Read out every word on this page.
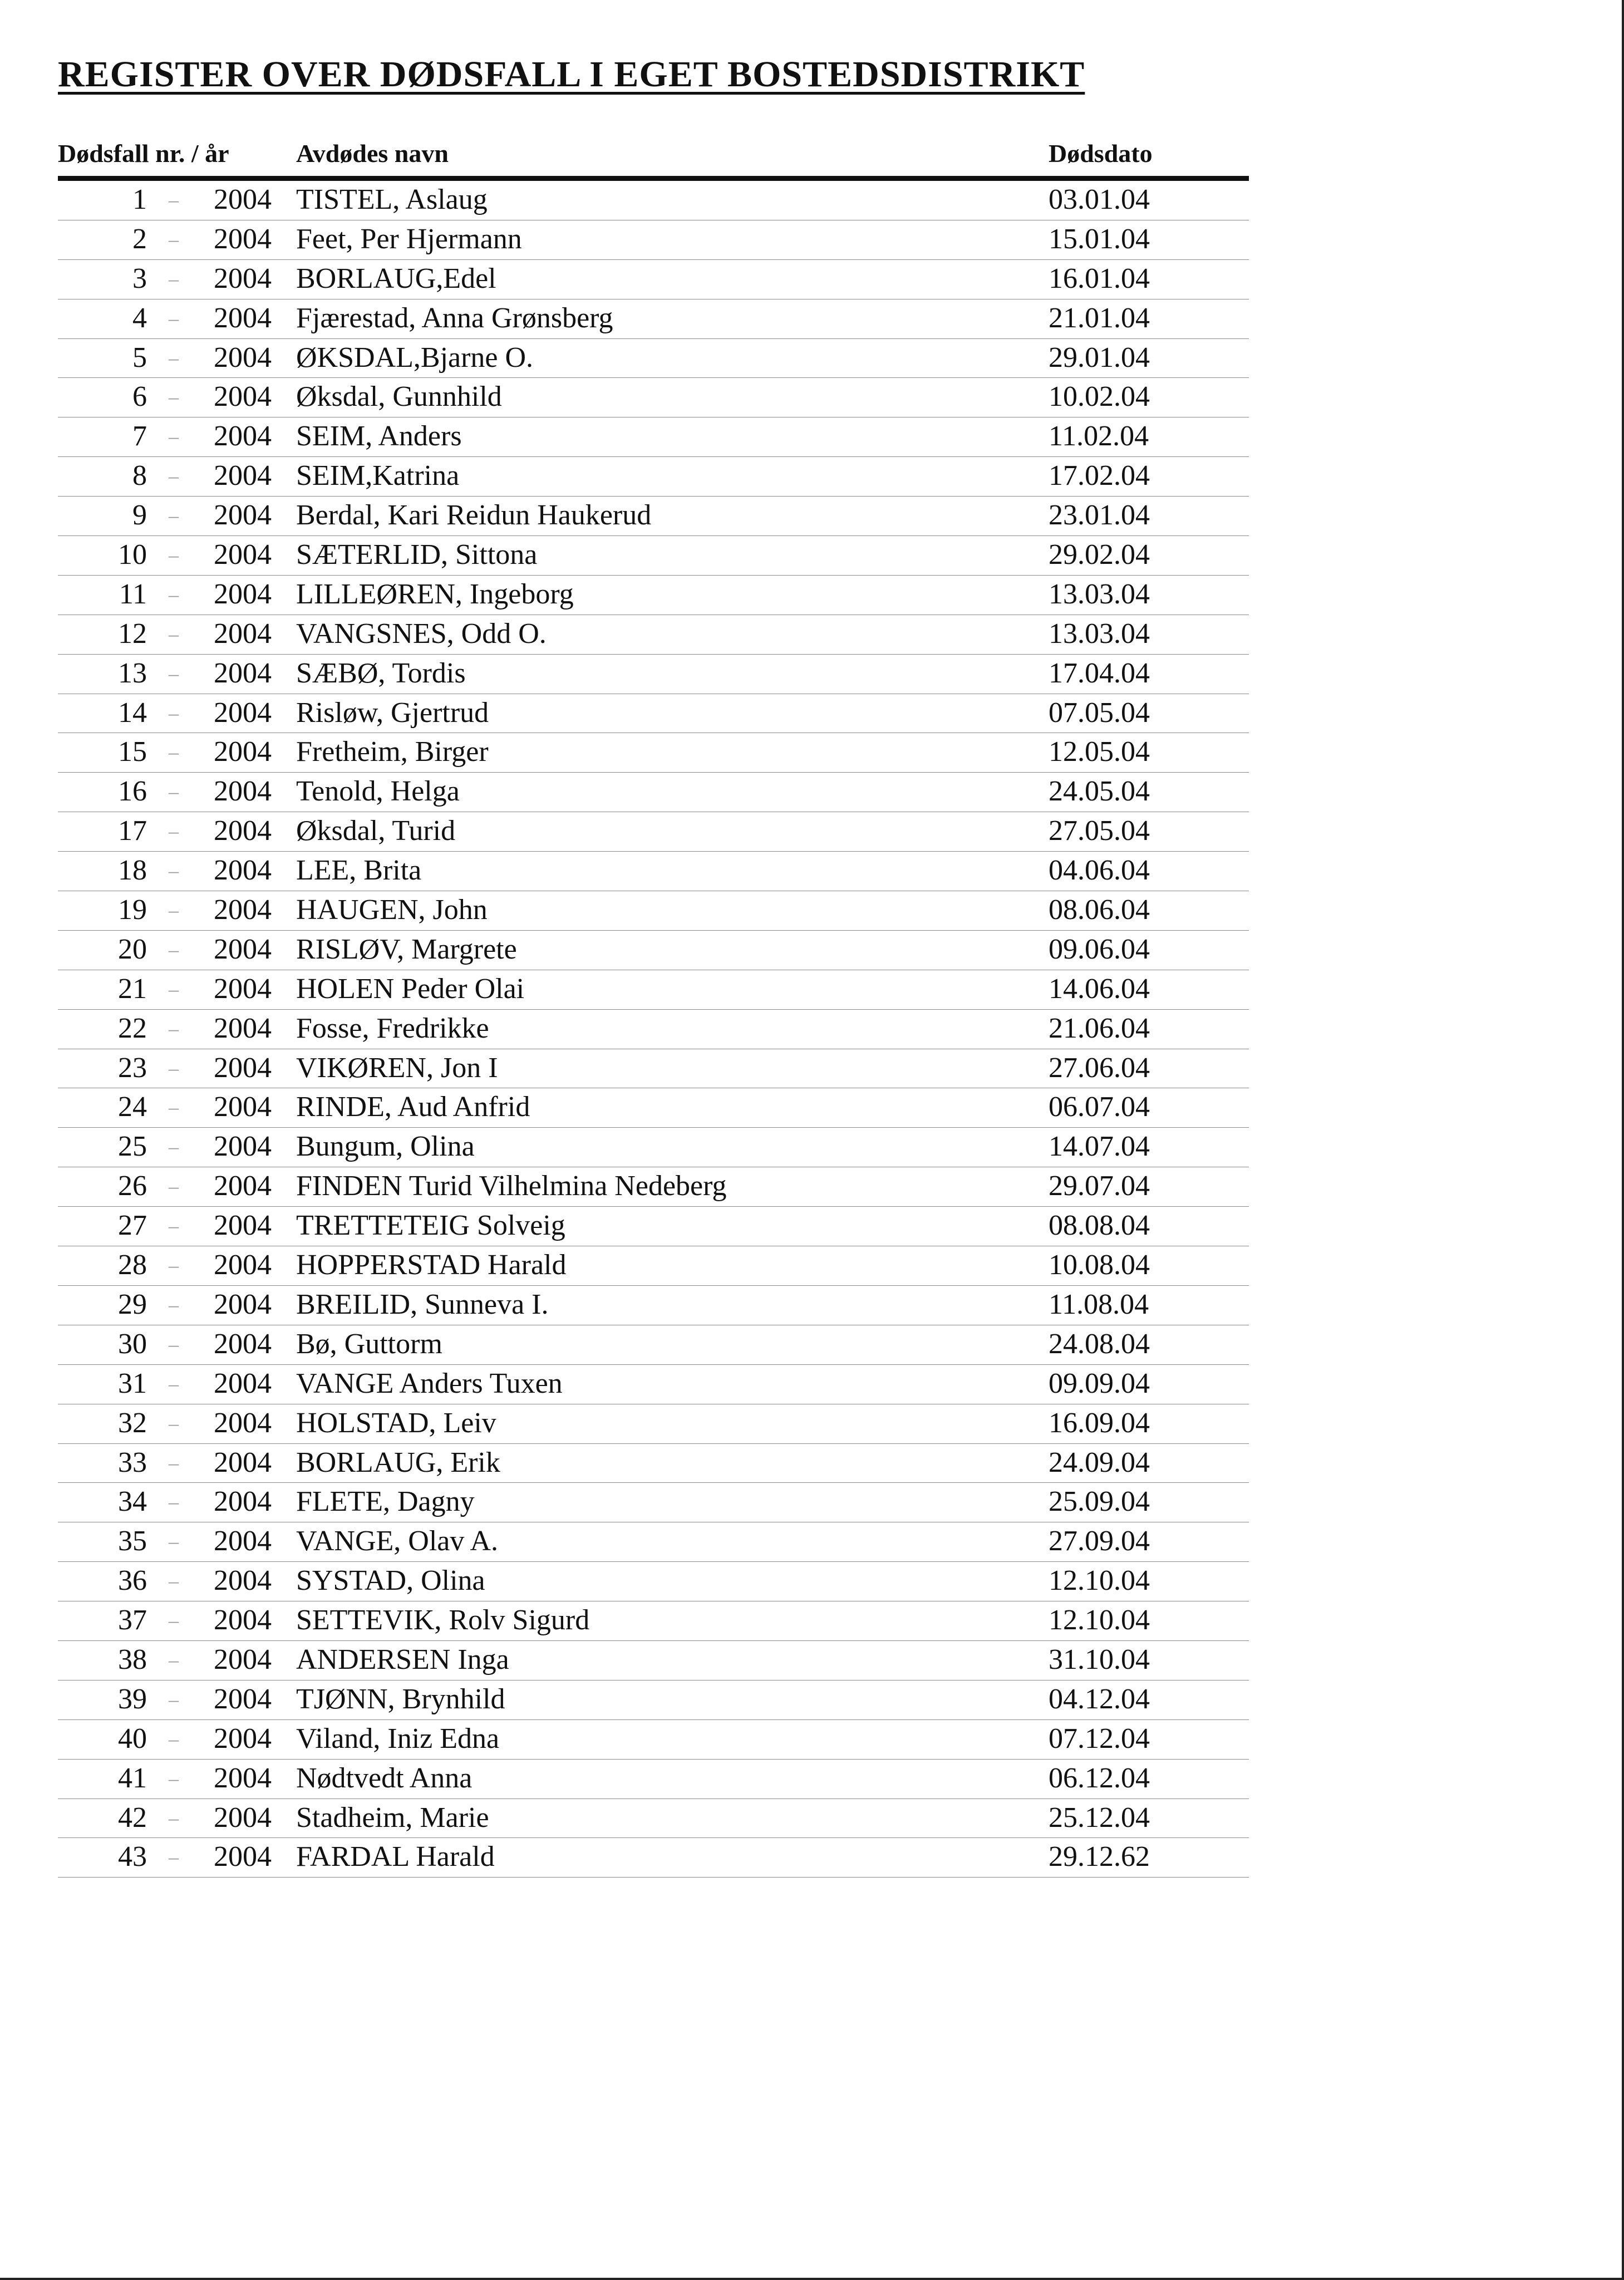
REGISTER OVER DØDSFALL I EGET BOSTEDSDISTRIKT
Dødsfall nr. / år	Avdødes navn	Dødsdato
1	– 2004 TISTEL, Aslaug	03.01.04
2	– 2004 Feet, Per Hjermann	15.01.04
3	– 2004 BORLAUG,Edel	16.01.04
4	– 2004 Fjærestad, Anna Grønsberg	21.01.04
5	– 2004 ØKSDAL,Bjarne O.	29.01.04
6	– 2004 Øksdal, Gunnhild	10.02.04
7	– 2004 SEIM, Anders	11.02.04
8	– 2004 SEIM,Katrina	17.02.04
9	– 2004 Berdal, Kari Reidun Haukerud	23.01.04
10	– 2004 SÆTERLID, Sittona	29.02.04
11	– 2004 LILLEØREN, Ingeborg	13.03.04
12	– 2004 VANGSNES, Odd O.	13.03.04
13	– 2004 SÆBØ, Tordis	17.04.04
14	– 2004 Risløw, Gjertrud	07.05.04
15	– 2004 Fretheim, Birger	12.05.04
16	– 2004 Tenold, Helga	24.05.04
17	– 2004 Øksdal, Turid	27.05.04
18	– 2004 LEE, Brita	04.06.04
19	– 2004 HAUGEN, John	08.06.04
20	– 2004 RISLØV, Margrete	09.06.04
21	– 2004 HOLEN Peder Olai	14.06.04
22	– 2004 Fosse, Fredrikke	21.06.04
23	– 2004 VIKØREN, Jon I	27.06.04
24	– 2004 RINDE, Aud Anfrid	06.07.04
25	– 2004 Bungum, Olina	14.07.04
26	– 2004 FINDEN Turid Vilhelmina Nedeberg	29.07.04
27	– 2004 TRETTETEIG Solveig	08.08.04
28	– 2004 HOPPERSTAD Harald	10.08.04
29	– 2004 BREILID, Sunneva I.	11.08.04
30	– 2004 Bø, Guttorm	24.08.04
31	– 2004 VANGE Anders Tuxen	09.09.04
32	– 2004 HOLSTAD, Leiv	16.09.04
33	– 2004 BORLAUG, Erik	24.09.04
34	– 2004 FLETE, Dagny	25.09.04
35	– 2004 VANGE, Olav A.	27.09.04
36	– 2004 SYSTAD, Olina	12.10.04
37	– 2004 SETTEVIK, Rolv Sigurd	12.10.04
38	– 2004 ANDERSEN Inga	31.10.04
39	– 2004 TJØNN, Brynhild	04.12.04
40	– 2004 Viland, Iniz Edna	07.12.04
41	– 2004 Nødtvedt Anna	06.12.04
42	– 2004 Stadheim, Marie	25.12.04
43	– 2004 FARDAL Harald	29.12.62
